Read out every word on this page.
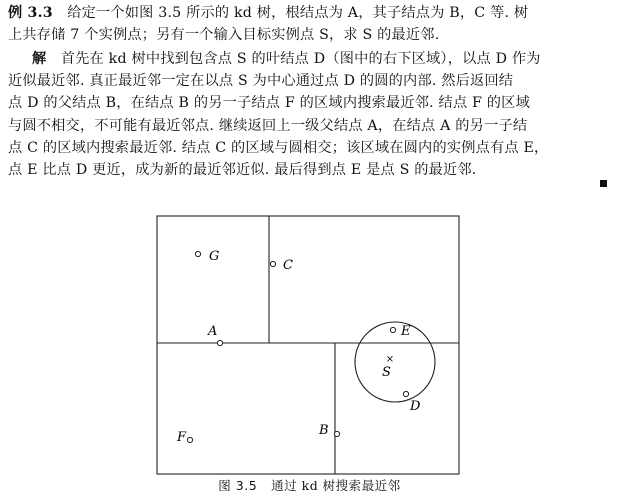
例 3.3　 给定一个如图 3.5 所示的 kd 树，根结点为 A，其子结点为 B，C 等. 树
上共存储 7 个实例点；另有一个输入目标实例点 S，求 S 的最近邻.
解　 首先在 kd 树中找到包含点 S 的叶结点 D（图中的右下区域），以点 D 作为
近似最近邻. 真正最近邻一定在以点 S 为中心通过点 D 的圆的内部. 然后返回结
点 D 的父结点 B，在结点 B 的另一子结点 F 的区域内搜索最近邻. 结点 F 的区域
与圆不相交，不可能有最近邻点. 继续返回上一级父结点 A，在结点 A 的另一子结
点 C 的区域内搜索最近邻. 结点 C 的区域与圆相交；该区域在圆内的实例点有点 E，
点 E 比点 D 更近，成为新的最近邻近似. 最后得到点 E 是点 S 的最近邻.
G
C
A	E
×
S
D
B
F
图 3.5 通过 kd 树搜索最近邻
